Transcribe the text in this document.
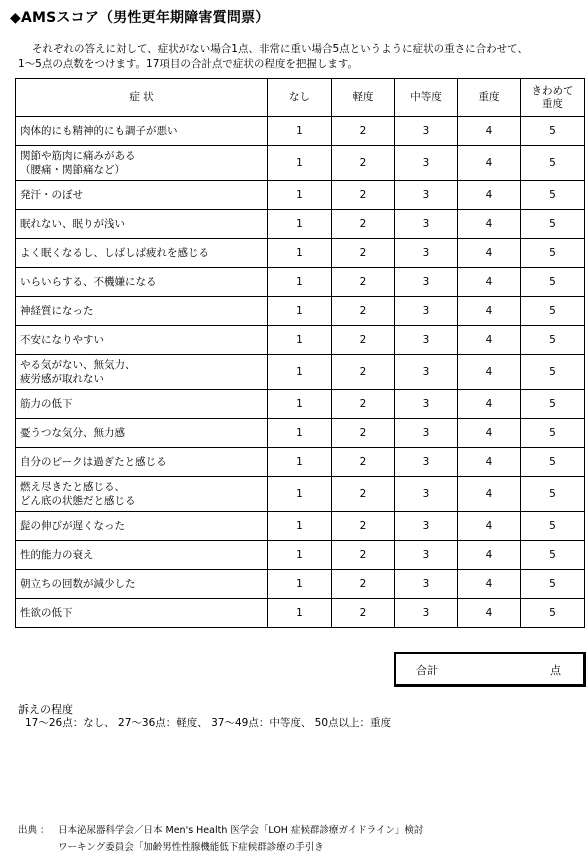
◆AMSスコア（男性更年期障害質問票）

それぞれの答えに対して、症状がない場合1点、非常に重い場合5点というように症状の重さに合わせて、

1～5点の点数をつけます。17項目の合計点で症状の程度を把握します。

症 状	なし	軽度	中等度	重度	きわめて
重度
肉体的にも精神的にも調子が悪い	1	2	3	4	5
関節や筋肉に痛みがある
（腰痛・関節痛など）	1	2	3	4	5
発汗・のぼせ	1	2	3	4	5
眠れない、眠りが浅い	1	2	3	4	5
よく眠くなるし、しばしば疲れを感じる	1	2	3	4	5
いらいらする、不機嫌になる	1	2	3	4	5
神経質になった	1	2	3	4	5
不安になりやすい	1	2	3	4	5
やる気がない、無気力、
疲労感が取れない	1	2	3	4	5
筋力の低下	1	2	3	4	5
憂うつな気分、無力感	1	2	3	4	5
自分のピークは過ぎたと感じる	1	2	3	4	5
燃え尽きたと感じる、
どん底の状態だと感じる	1	2	3	4	5
髭の伸びが遅くなった	1	2	3	4	5
性的能力の衰え	1	2	3	4	5
朝立ちの回数が減少した	1	2	3	4	5
性欲の低下	1	2	3	4	5
合計	点
訴えの程度
17～26点：なし、 27～36点：軽度、 37～49点：中等度、 50点以上：重度
出典 ： 日本泌尿器科学会／日本 Men's Health 医学会「LOH 症候群診療ガイドライン」検討
ワーキング委員会「加齢男性性腺機能低下症候群診療の手引き
